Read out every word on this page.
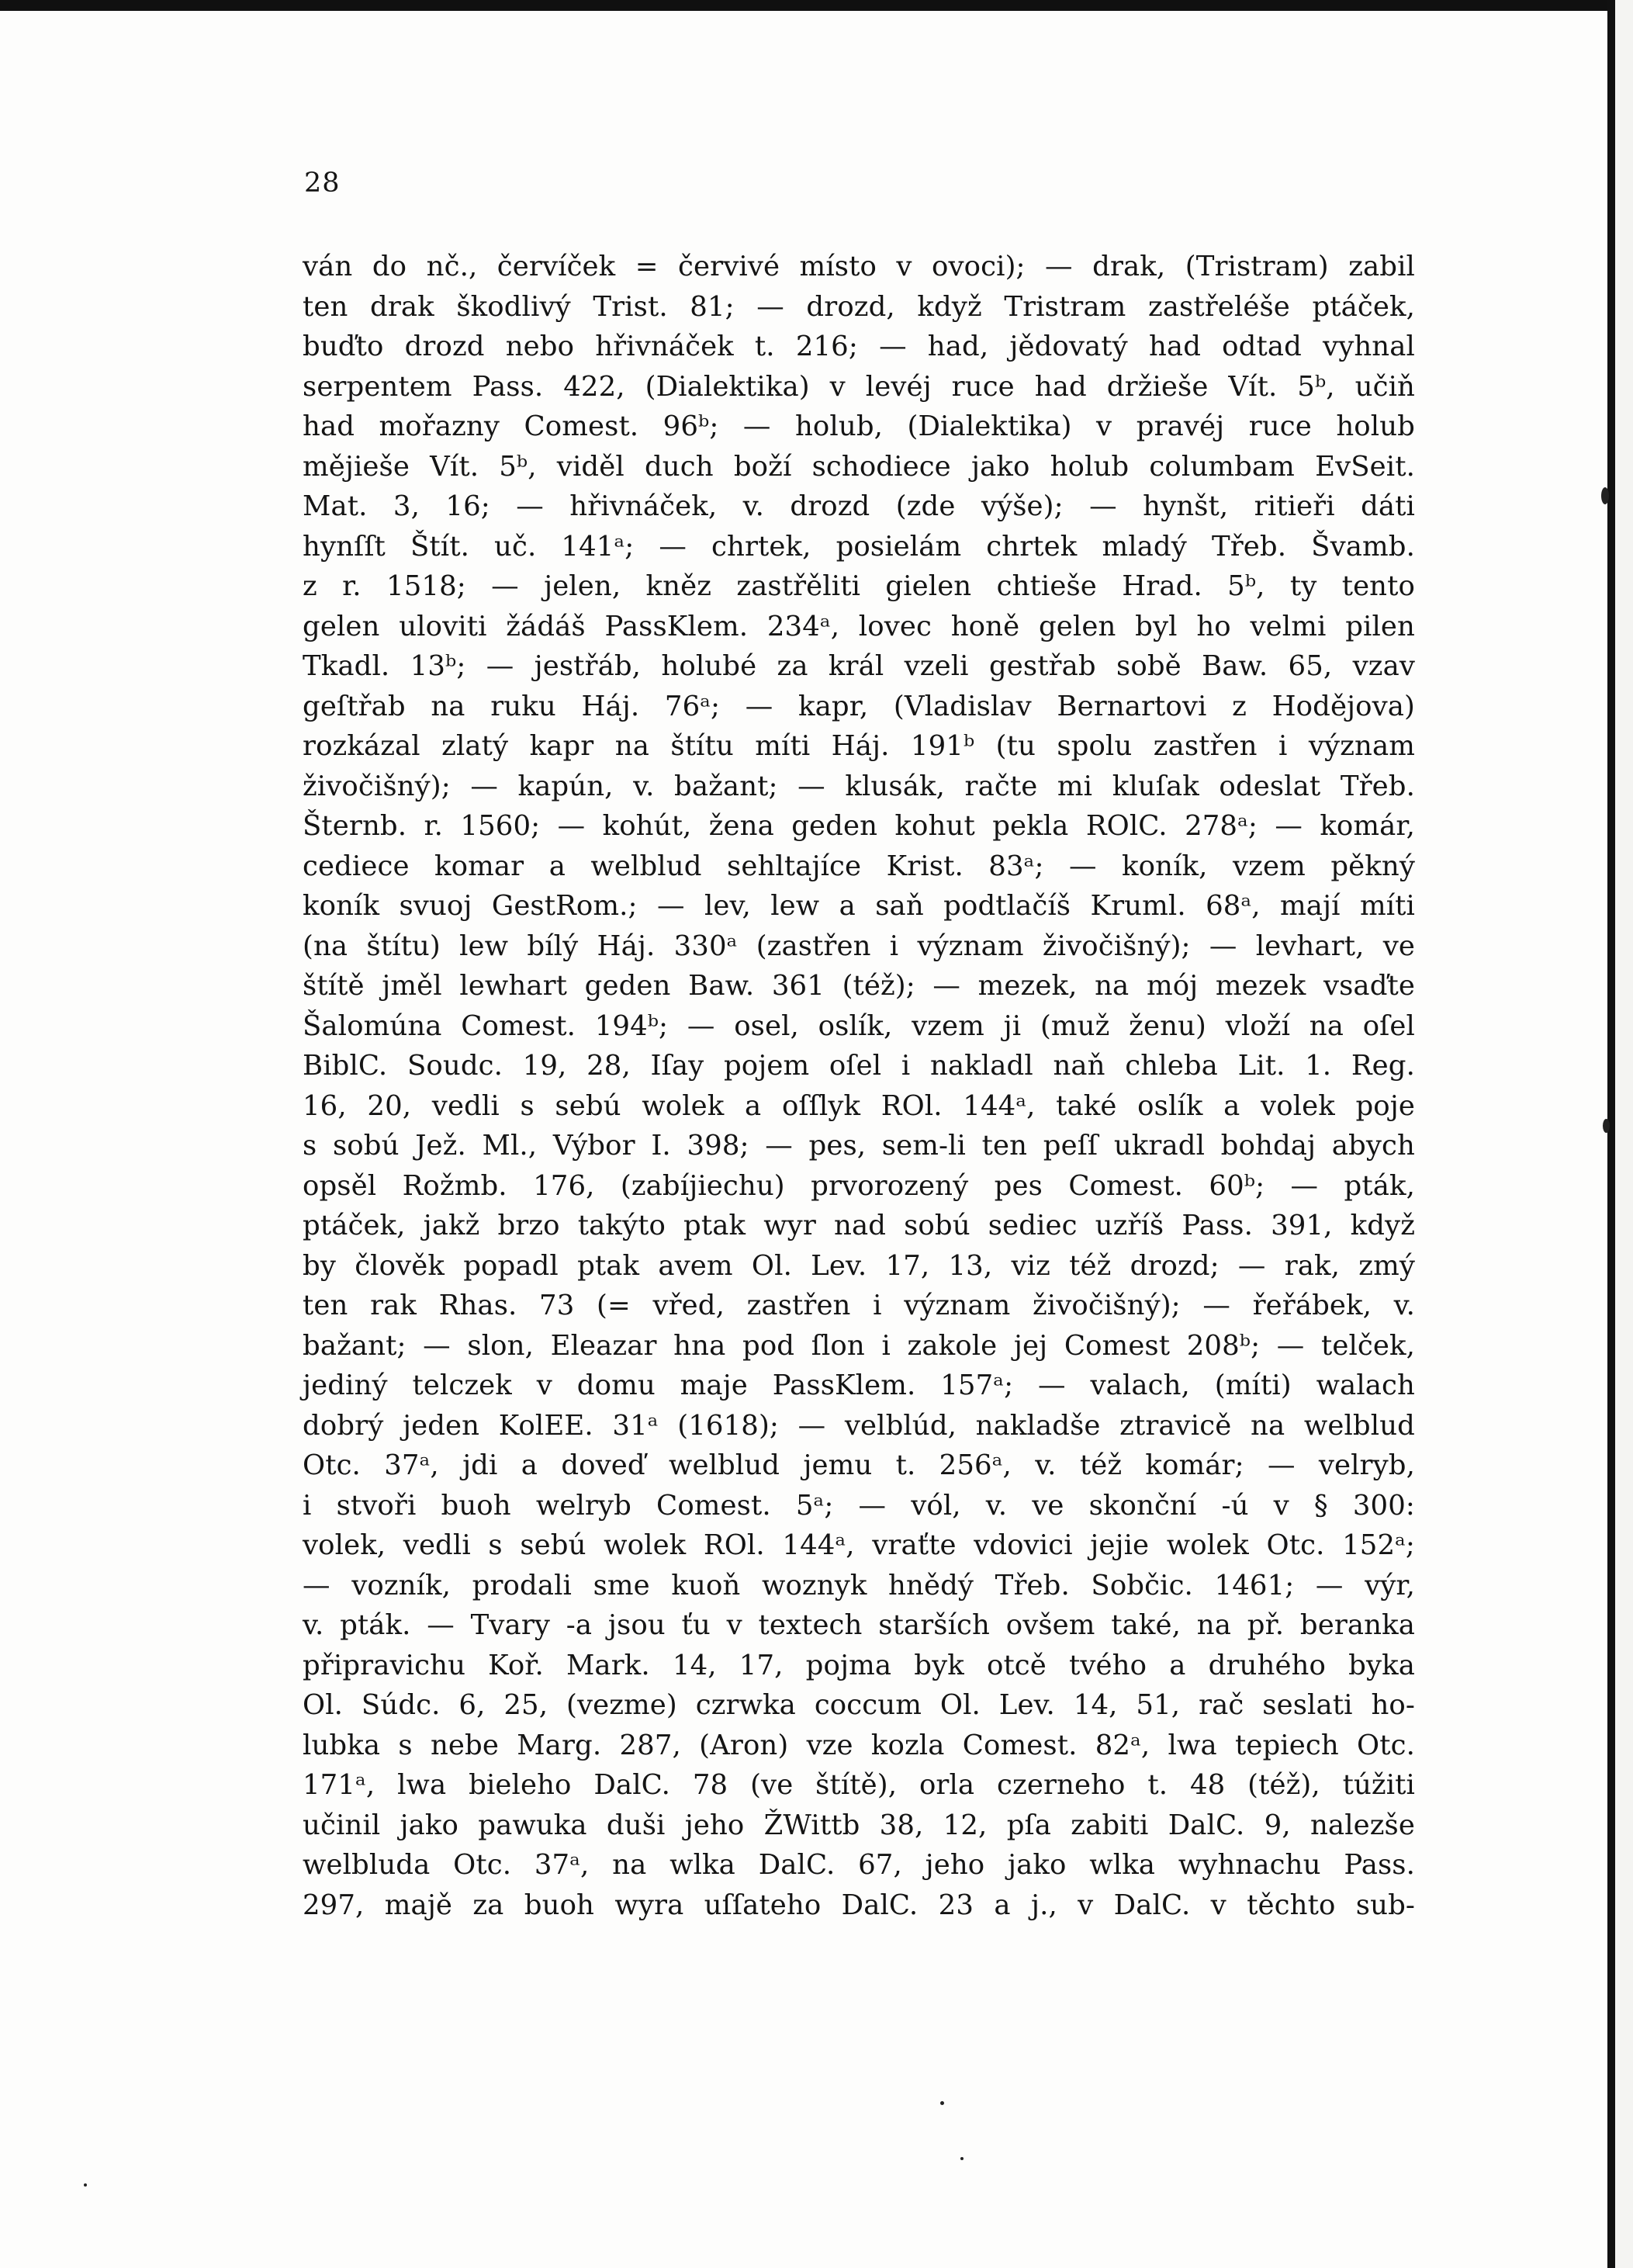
28
ván do nč., červíček = červivé místo v ovoci); — drak, (Tristram) zabil
ten drak škodlivý Trist. 81; — drozd, když Tristram zastřeléše ptáček,
buďto drozd nebo hřivnáček t. 216; — had, jědovatý had odtad vyhnal
serpentem Pass. 422, (Dialektika) v levéj ruce had držieše Vít. 5ᵇ, učiň
had mořazny Comest. 96ᵇ; — holub, (Dialektika) v pravéj ruce holub
mějieše Vít. 5ᵇ, viděl duch boží schodiece jako holub columbam EvSeit.
Mat. 3, 16; — hřivnáček, v. drozd (zde výše); — hynšt, ritieři dáti
hynſſt Štít. uč. 141ᵃ; — chrtek, posielám chrtek mladý Třeb. Švamb.
z r. 1518; — jelen, kněz zastřěliti gielen chtieše Hrad. 5ᵇ, ty tento
gelen uloviti žádáš PassKlem. 234ᵃ, lovec honě gelen byl ho velmi pilen
Tkadl. 13ᵇ; — jestřáb, holubé za král vzeli gestřab sobě Baw. 65, vzav
geſtřab na ruku Háj. 76ᵃ; — kapr, (Vladislav Bernartovi z Hodějova)
rozkázal zlatý kapr na štítu míti Háj. 191ᵇ (tu spolu zastřen i význam
živočišný); — kapún, v. bažant; — klusák, račte mi kluſak odeslat Třeb.
Šternb. r. 1560; — kohút, žena geden kohut pekla ROlC. 278ᵃ; — komár,
cediece komar a welblud sehltajíce Krist. 83ᵃ; — koník, vzem pěkný
koník svuoj GestRom.; — lev, lew a saň podtlačíš Kruml. 68ᵃ, mají míti
(na štítu) lew bílý Háj. 330ᵃ (zastřen i význam živočišný); — levhart, ve
štítě jměl lewhart geden Baw. 361 (též); — mezek, na mój mezek vsaďte
Šalomúna Comest. 194ᵇ; — osel, oslík, vzem ji (muž ženu) vloží na oſel
BiblC. Soudc. 19, 28, Iſay pojem oſel i nakladl naň chleba Lit. 1. Reg.
16, 20, vedli s sebú wolek a oſſlyk ROl. 144ᵃ, také oslík a volek poje
s sobú Jež. Ml., Výbor I. 398; — pes, sem-li ten peſſ ukradl bohdaj abych
opsěl Rožmb. 176, (zabíjiechu) prvorozený pes Comest. 60ᵇ; — pták,
ptáček, jakž brzo takýto ptak wyr nad sobú sediec uzříš Pass. 391, když
by člověk popadl ptak avem Ol. Lev. 17, 13, viz též drozd; — rak, zmý
ten rak Rhas. 73 (= vřed, zastřen i význam živočišný); — řeřábek, v.
bažant; — slon, Eleazar hna pod ſlon i zakole jej Comest 208ᵇ; — telček,
jediný telczek v domu maje PassKlem. 157ᵃ; — valach, (míti) walach
dobrý jeden KolEE. 31ᵃ (1618); — velblúd, nakladše ztravicě na welblud
Otc. 37ᵃ, jdi a doveď welblud jemu t. 256ᵃ, v. též komár; — velryb,
i stvoři buoh welryb Comest. 5ᵃ; — vól, v. ve skonční -ú v § 300:
volek, vedli s sebú wolek ROl. 144ᵃ, vraťte vdovici jejie wolek Otc. 152ᵃ;
— vozník, prodali sme kuoň woznyk hnědý Třeb. Sobčic. 1461; — výr,
v. pták. — Tvary -a jsou ťu v textech starších ovšem také, na př. beranka
připravichu Koř. Mark. 14, 17, pojma byk otcě tvého a druhého byka
Ol. Súdc. 6, 25, (vezme) czrwka coccum Ol. Lev. 14, 51, rač seslati ho-
lubka s nebe Marg. 287, (Aron) vze kozla Comest. 82ᵃ, lwa tepiech Otc.
171ᵃ, lwa bieleho DalC. 78 (ve štítě), orla czerneho t. 48 (též), túžiti
učinil jako pawuka duši jeho ŽWittb 38, 12, pſa zabiti DalC. 9, nalezše
welbluda Otc. 37ᵃ, na wlka DalC. 67, jeho jako wlka wyhnachu Pass.
297, majě za buoh wyra uſſateho DalC. 23 a j., v DalC. v těchto sub-
